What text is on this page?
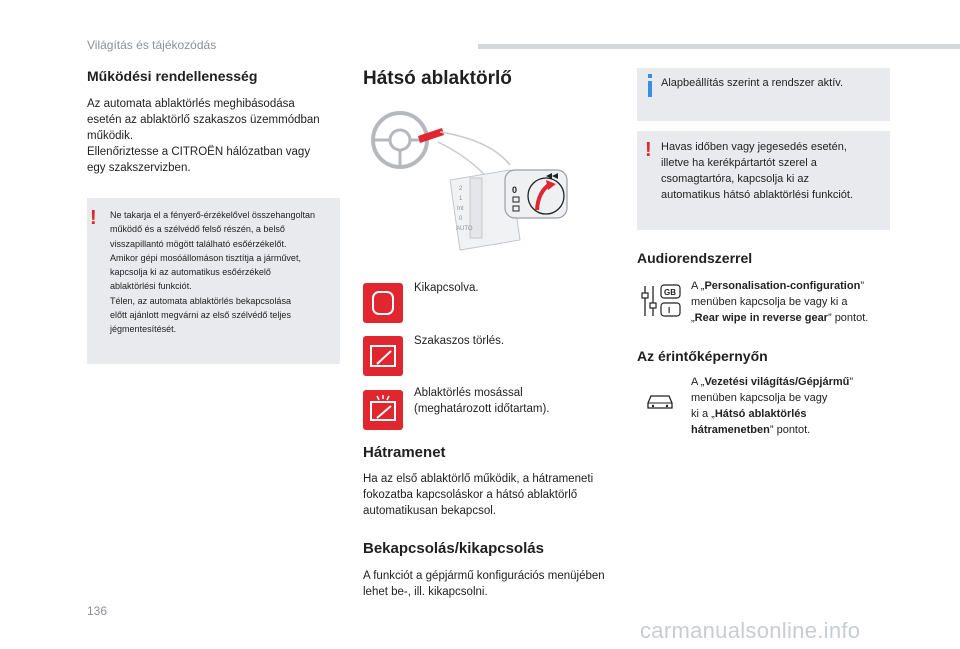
Világítás és tájékozódás
Működési rendellenesség
Az automata ablaktörlés meghibásodása
esetén az ablaktörlő szakaszos üzemmódban
működik.
Ellenőriztesse a CITROËN hálózatban vagy
egy szakszervizben.
! Ne takarja el a fényerő-érzékelővel összehangoltan
működő és a szélvédő felső részén, a belső
visszapillantó mögött található esőérzékelőt.
Amikor gépi mosóállomáson tisztítja a járművet,
kapcsolja ki az automatikus esőérzékelő
ablaktörlési funkciót.
Télen, az automata ablaktörlés bekapcsolása
előtt ajánlott megvárni az első szélvédő teljes
jégmentesítését.
Hátsó ablaktörlő
2
1
Int
0
AUTO
0
Kikapcsolva.
Szakaszos törlés.
Ablaktörlés mosással
(meghatározott időtartam).
Hátramenet
Ha az első ablaktörlő működik, a hátrameneti
fokozatba kapcsoláskor a hátsó ablaktörlő
automatikusan bekapcsol.
Bekapcsolás/kikapcsolás
A funkciót a gépjármű konfigurációs menüjében
lehet be-, ill. kikapcsolni.
Alapbeállítás szerint a rendszer aktív.
! Havas időben vagy jegesedés esetén,
illetve ha kerékpártartót szerel a
csomagtartóra, kapcsolja ki az
automatikus hátsó ablaktörlési funkciót.
Audiorendszerrel
GB
I
A „Personalisation-configuration”
menüben kapcsolja be vagy ki a
„Rear wipe in reverse gear” pontot.
Az érintőképernyőn
A „Vezetési világítás/Gépjármű”
menüben kapcsolja be vagy
ki a „Hátsó ablaktörlés
hátramenetben” pontot.
136
carmanualsonline.info
